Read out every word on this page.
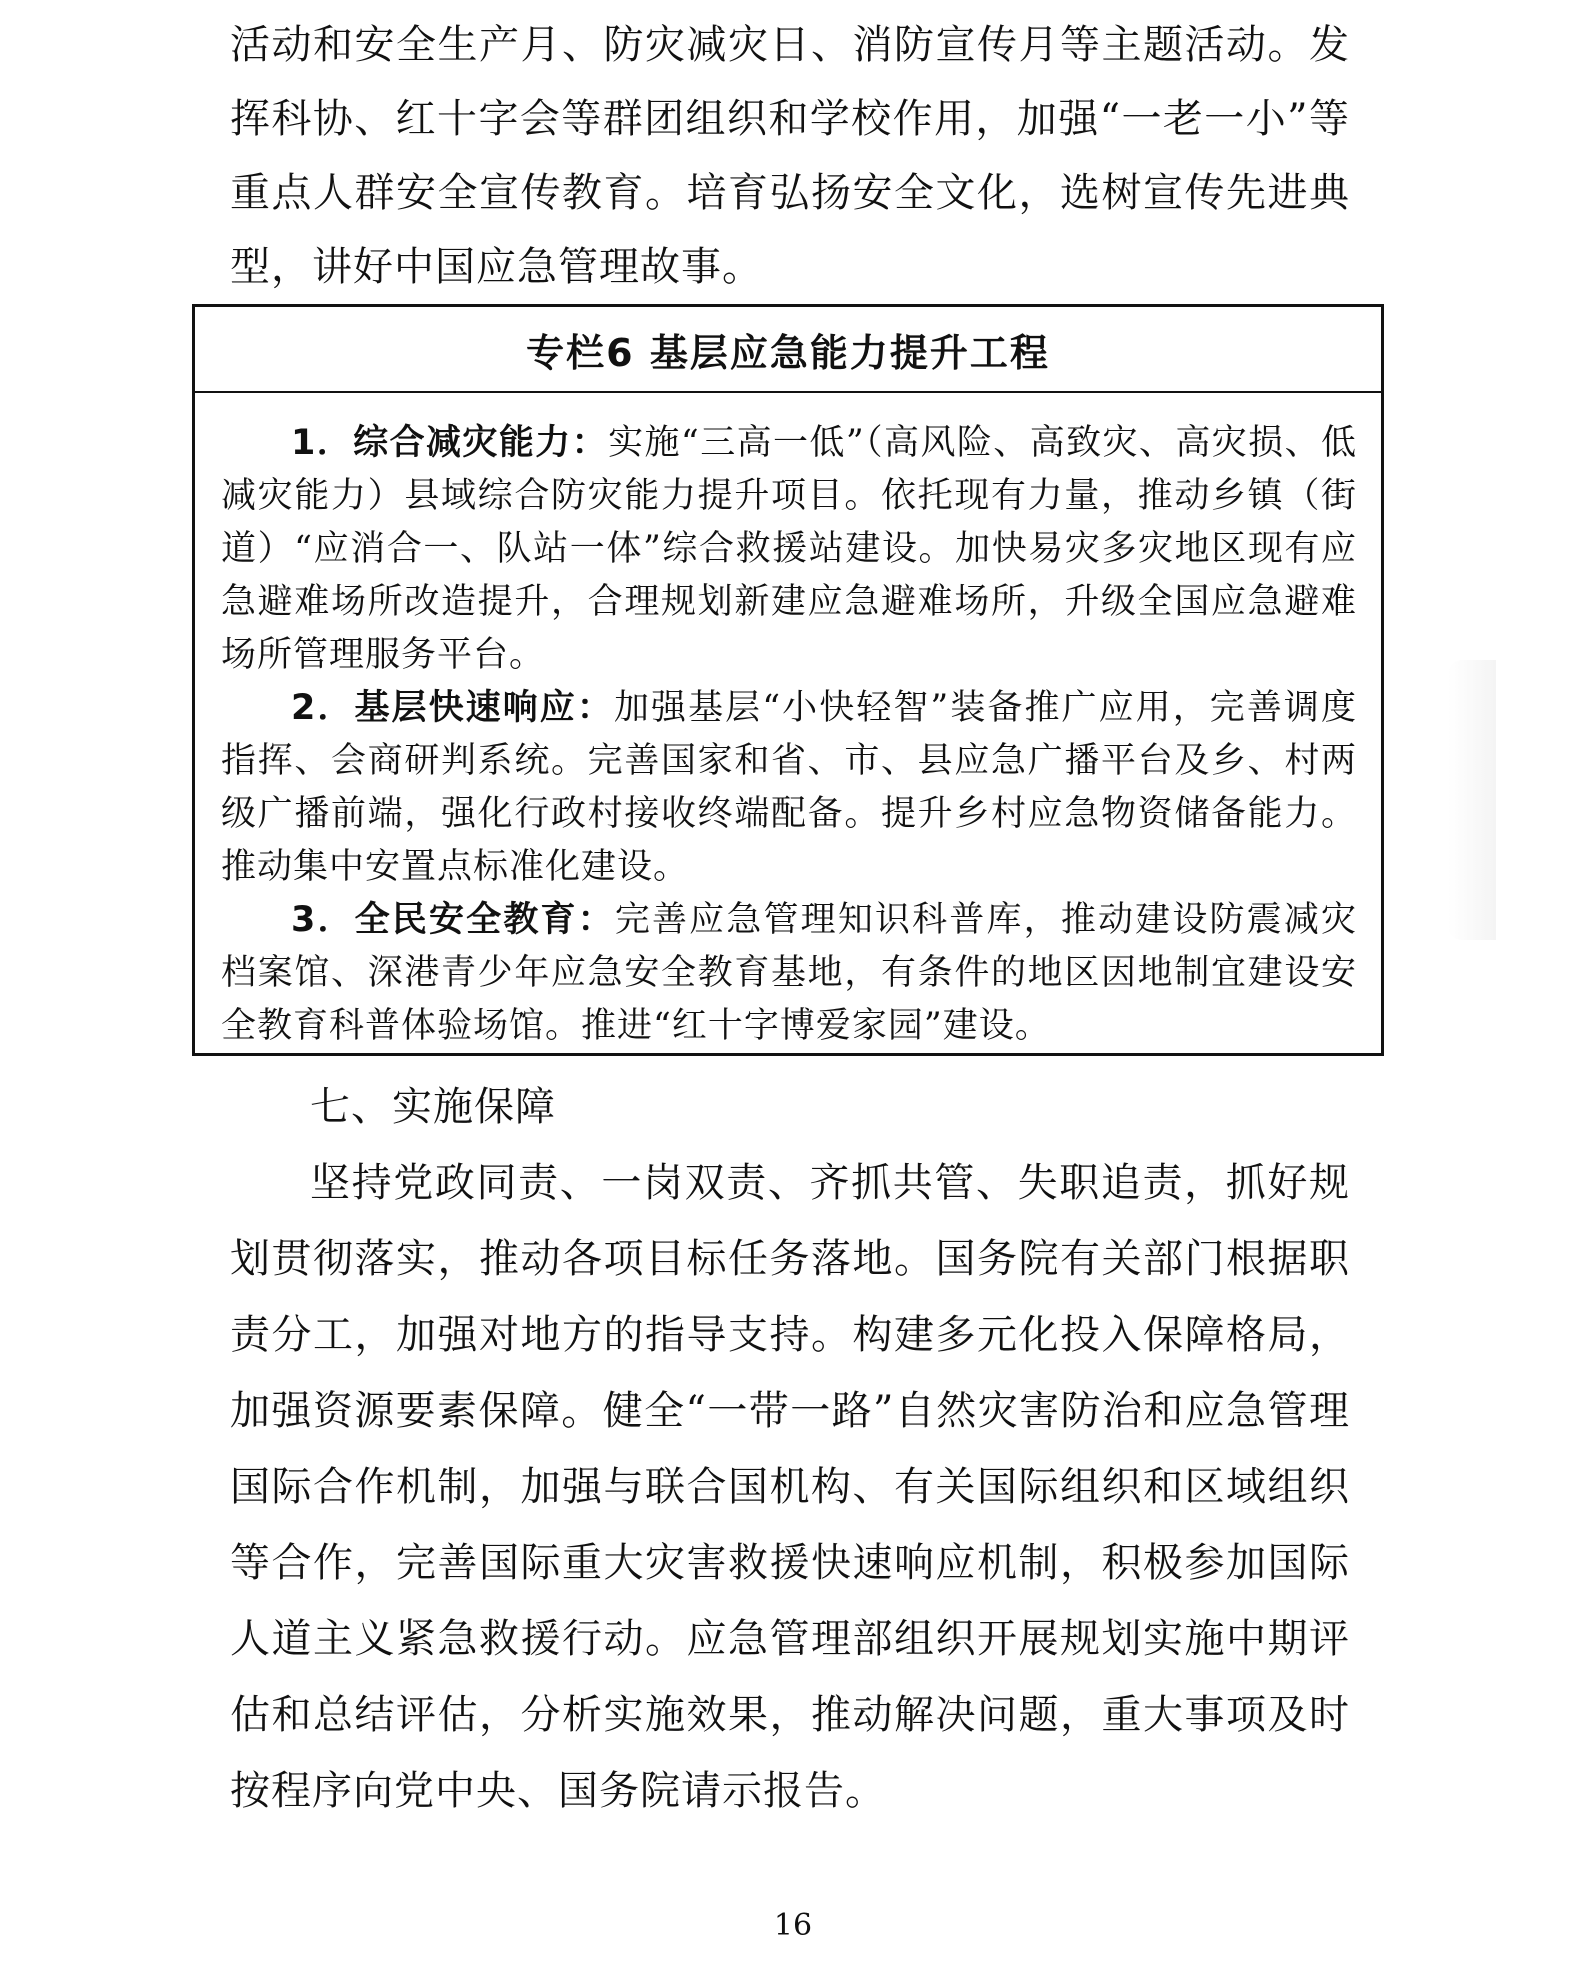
活动和安全生产月、防灾减灾日、消防宣传月等主题活动。发挥科协、红十字会等群团组织和学校作用，加强“一老一小”等重点人群安全宣传教育。培育弘扬安全文化，选树宣传先进典型，讲好中国应急管理故事。
专栏6 基层应急能力提升工程

1．综合减灾能力：实施“三高一低”（高风险、高致灾、高灾损、低减灾能力）县域综合防灾能力提升项目。依托现有力量，推动乡镇（街道）“应消合一、队站一体”综合救援站建设。加快易灾多灾地区现有应急避难场所改造提升，合理规划新建应急避难场所，升级全国应急避难场所管理服务平台。

2．基层快速响应：加强基层“小快轻智”装备推广应用，完善调度指挥、会商研判系统。完善国家和省、市、县应急广播平台及乡、村两级广播前端，强化行政村接收终端配备。提升乡村应急物资储备能力。推动集中安置点标准化建设。

3．全民安全教育：完善应急管理知识科普库，推动建设防震减灾档案馆、深港青少年应急安全教育基地，有条件的地区因地制宜建设安全教育科普体验场馆。推进“红十字博爱家园”建设。

七、实施保障
坚持党政同责、一岗双责、齐抓共管、失职追责，抓好规划贯彻落实，推动各项目标任务落地。国务院有关部门根据职责分工，加强对地方的指导支持。构建多元化投入保障格局，加强资源要素保障。健全“一带一路”自然灾害防治和应急管理国际合作机制，加强与联合国机构、有关国际组织和区域组织等合作，完善国际重大灾害救援快速响应机制，积极参加国际人道主义紧急救援行动。应急管理部组织开展规划实施中期评估和总结评估，分析实施效果，推动解决问题，重大事项及时按程序向党中央、国务院请示报告。
16
